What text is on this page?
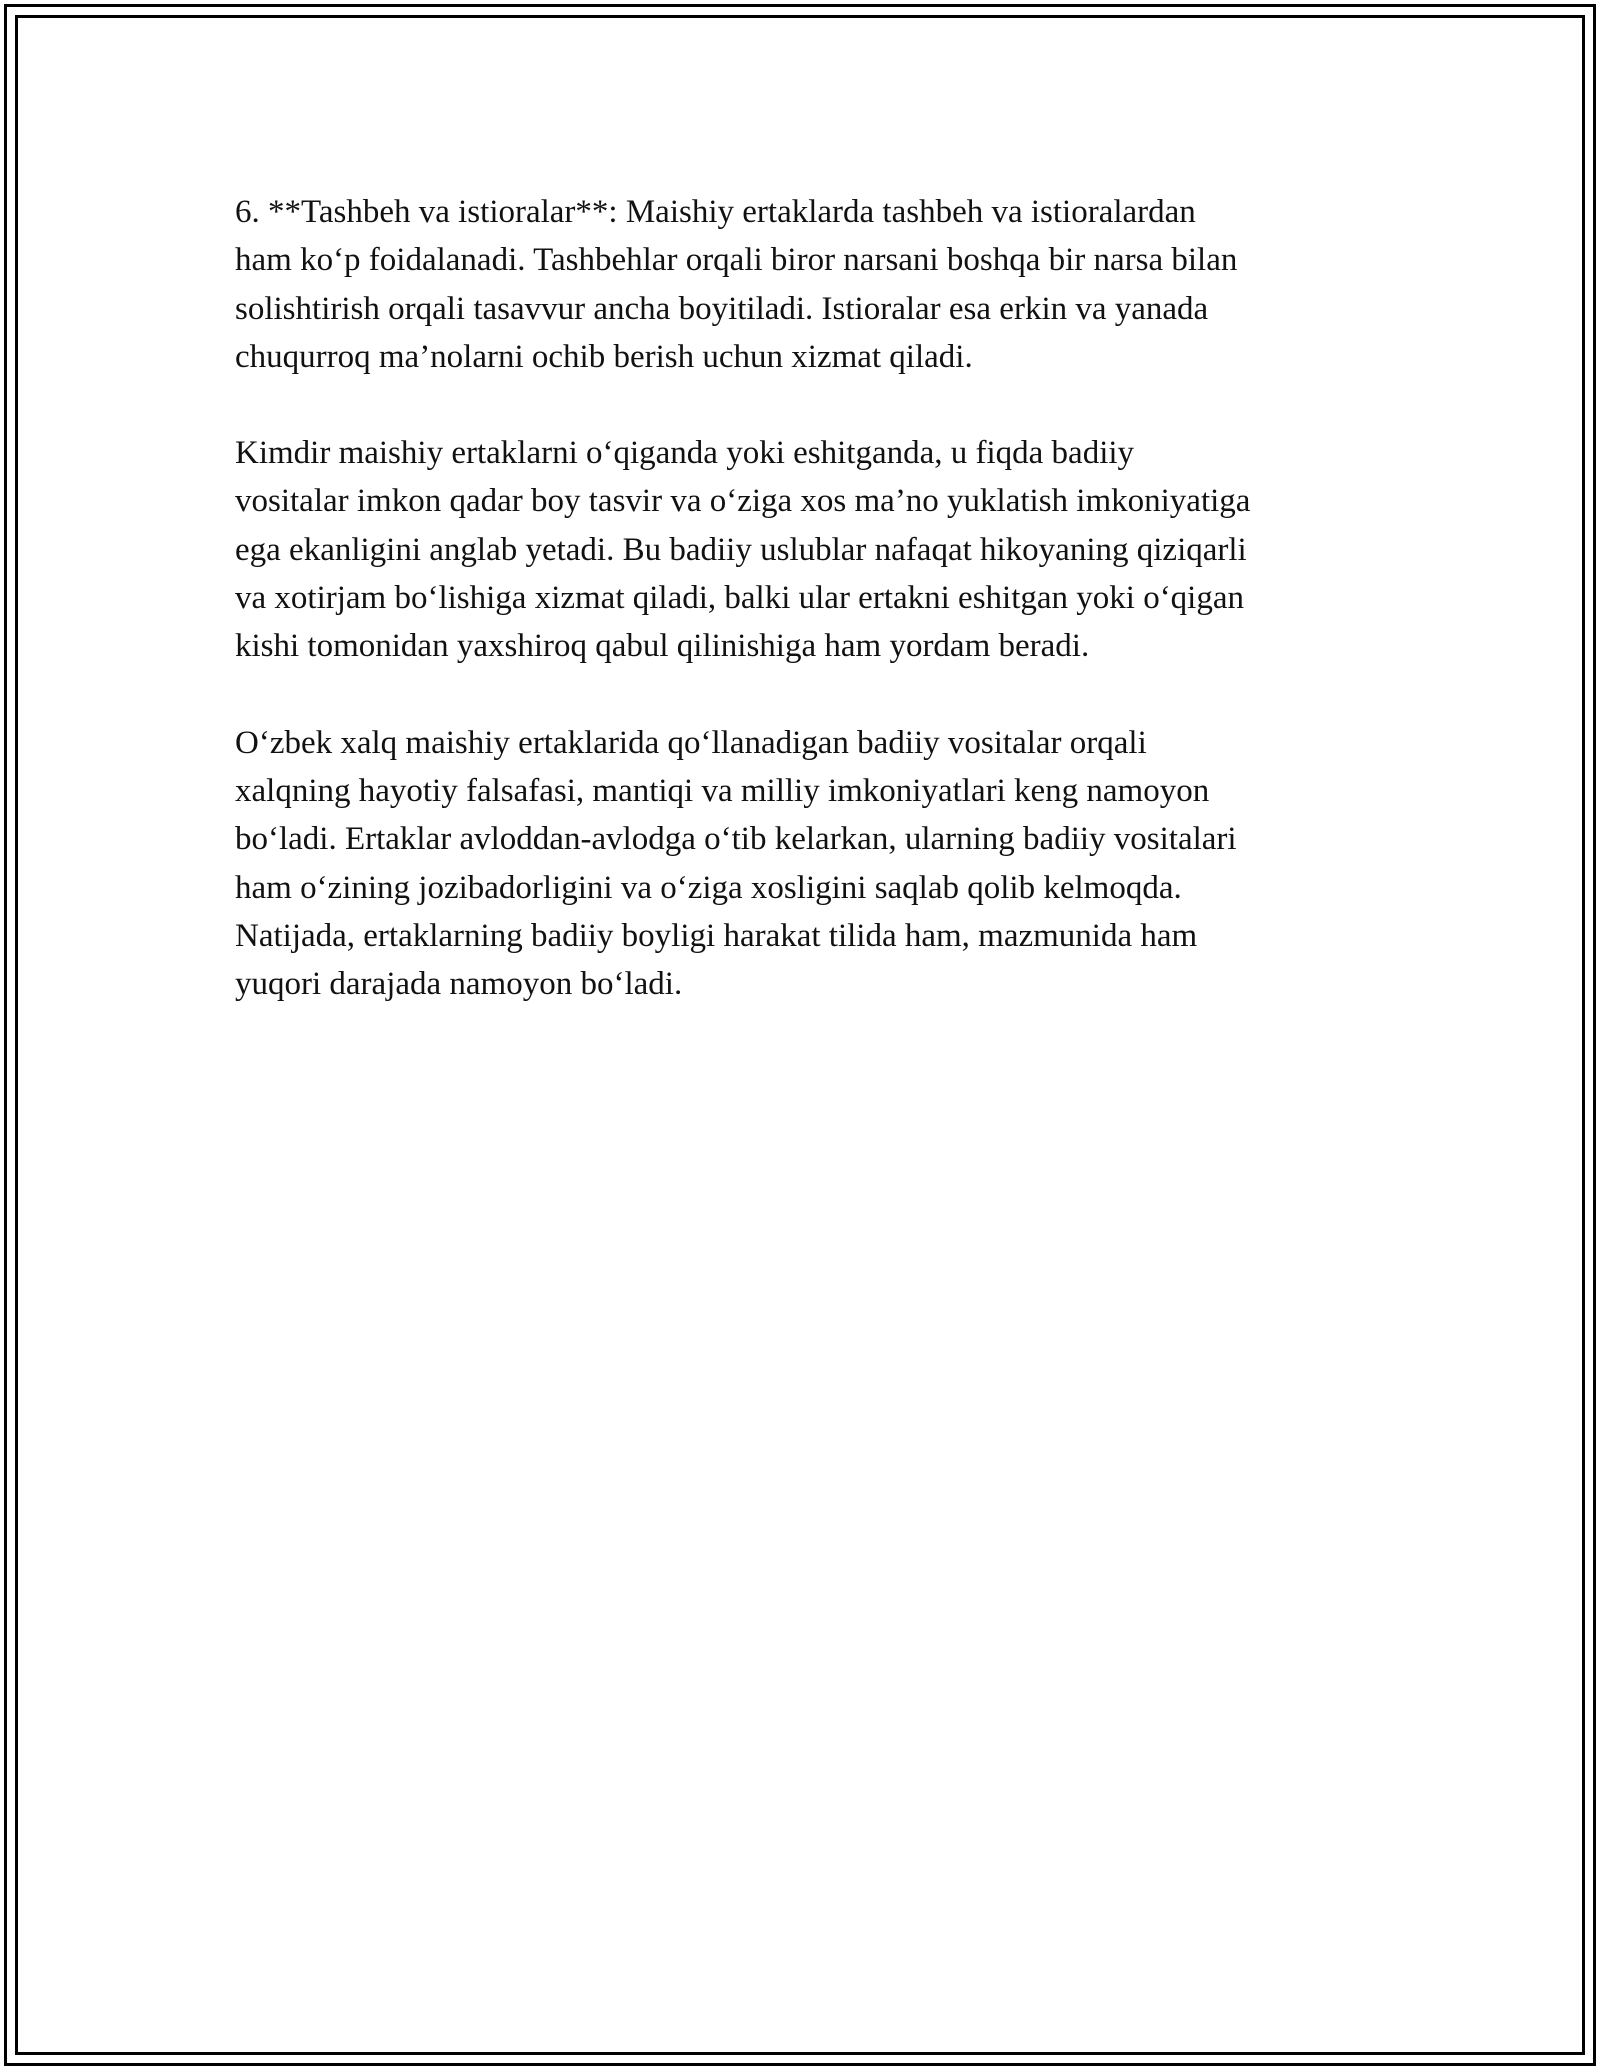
6. **Tashbeh va istioralar**: Maishiy ertaklarda tashbeh va istioralardan
ham ko‘p foidalanadi. Tashbehlar orqali biror narsani boshqa bir narsa bilan
solishtirish orqali tasavvur ancha boyitiladi. Istioralar esa erkin va yanada
chuqurroq ma’nolarni ochib berish uchun xizmat qiladi.

Kimdir maishiy ertaklarni o‘qiganda yoki eshitganda, u fiqda badiiy
vositalar imkon qadar boy tasvir va o‘ziga xos ma’no yuklatish imkoniyatiga
ega ekanligini anglab yetadi. Bu badiiy uslublar nafaqat hikoyaning qiziqarli
va xotirjam bo‘lishiga xizmat qiladi, balki ular ertakni eshitgan yoki o‘qigan
kishi tomonidan yaxshiroq qabul qilinishiga ham yordam beradi.

O‘zbek xalq maishiy ertaklarida qo‘llanadigan badiiy vositalar orqali
xalqning hayotiy falsafasi, mantiqi va milliy imkoniyatlari keng namoyon
bo‘ladi. Ertaklar avloddan-avlodga o‘tib kelarkan, ularning badiiy vositalari
ham o‘zining jozibadorligini va o‘ziga xosligini saqlab qolib kelmoqda.
Natijada, ertaklarning badiiy boyligi harakat tilida ham, mazmunida ham
yuqori darajada namoyon bo‘ladi.
